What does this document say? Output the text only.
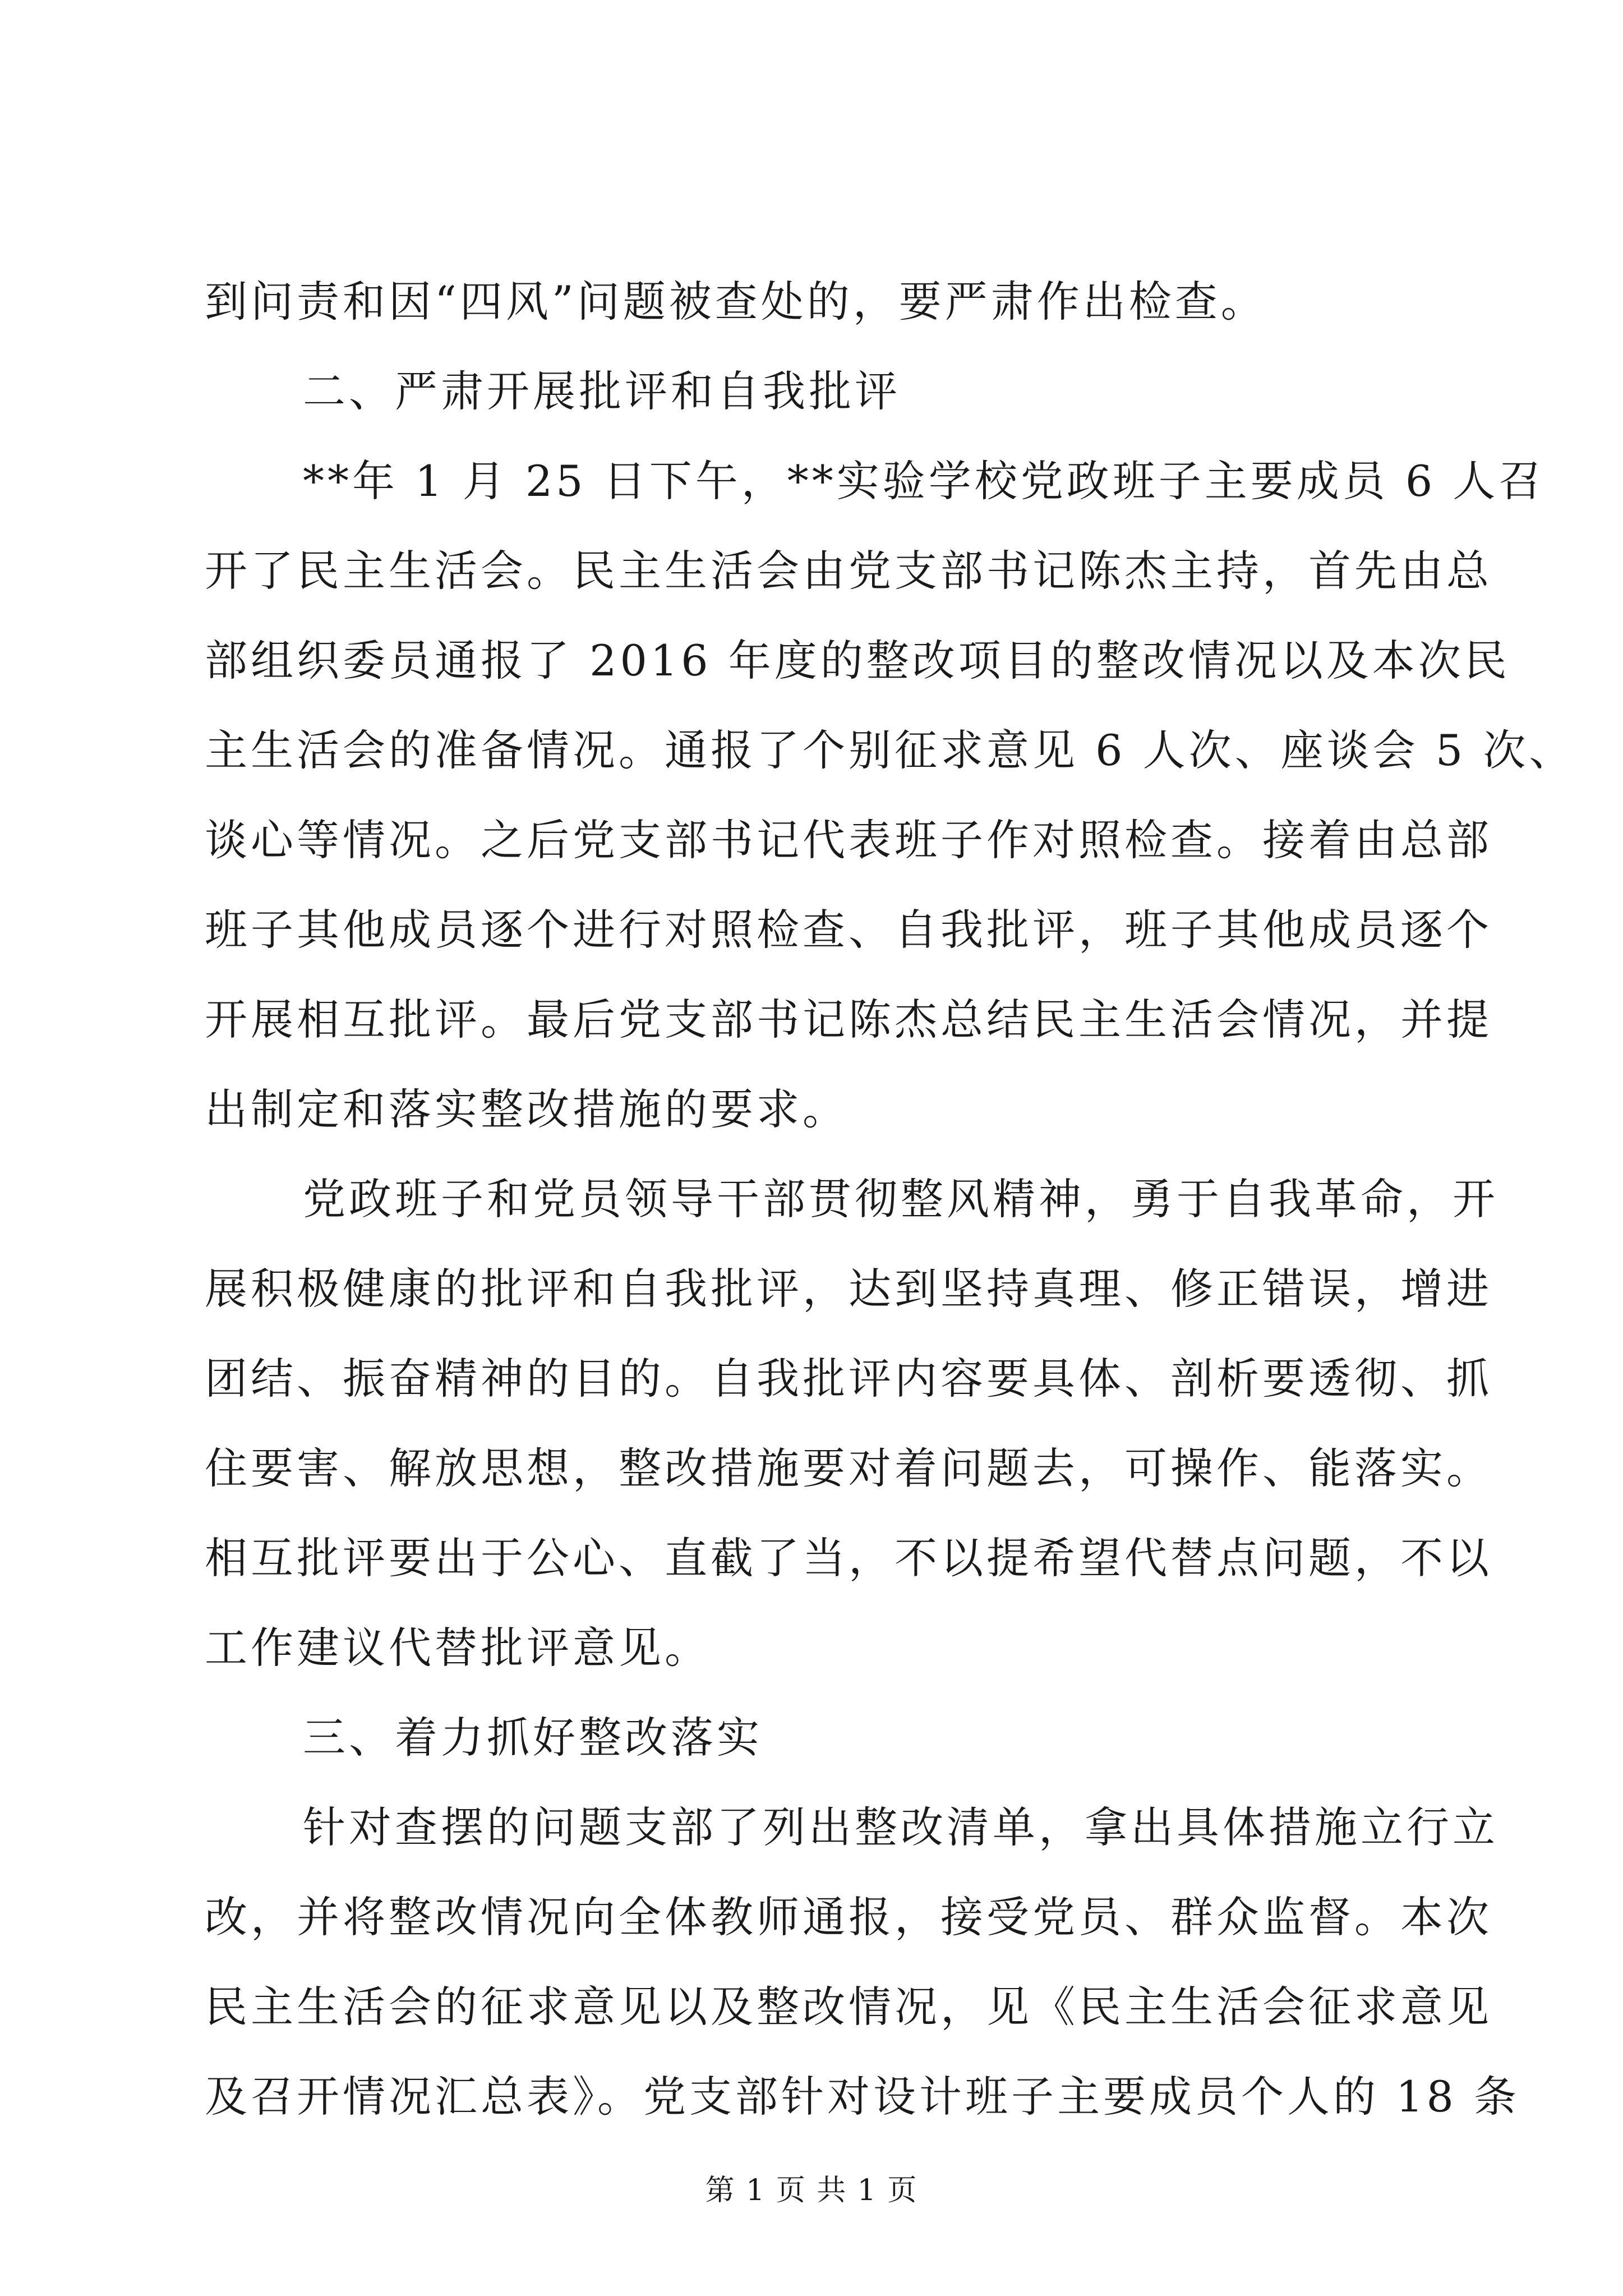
到问责和因“四风”问题被查处的，要严肃作出检查。
二、严肃开展批评和自我批评
**年 1 月 25 日下午，**实验学校党政班子主要成员 6 人召
开了民主生活会。民主生活会由党支部书记陈杰主持，首先由总
部组织委员通报了 2016 年度的整改项目的整改情况以及本次民
主生活会的准备情况。通报了个别征求意见 6 人次、座谈会 5 次、
谈心等情况。之后党支部书记代表班子作对照检查。接着由总部
班子其他成员逐个进行对照检查、自我批评，班子其他成员逐个
开展相互批评。最后党支部书记陈杰总结民主生活会情况，并提
出制定和落实整改措施的要求。
党政班子和党员领导干部贯彻整风精神，勇于自我革命，开
展积极健康的批评和自我批评，达到坚持真理、修正错误，增进
团结、振奋精神的目的。自我批评内容要具体、剖析要透彻、抓
住要害、解放思想，整改措施要对着问题去，可操作、能落实。
相互批评要出于公心、直截了当，不以提希望代替点问题，不以
工作建议代替批评意见。
三、着力抓好整改落实
针对查摆的问题支部了列出整改清单，拿出具体措施立行立
改，并将整改情况向全体教师通报，接受党员、群众监督。本次
民主生活会的征求意见以及整改情况，见《民主生活会征求意见
及召开情况汇总表》。党支部针对设计班子主要成员个人的 18 条
第 1 页 共 1 页
